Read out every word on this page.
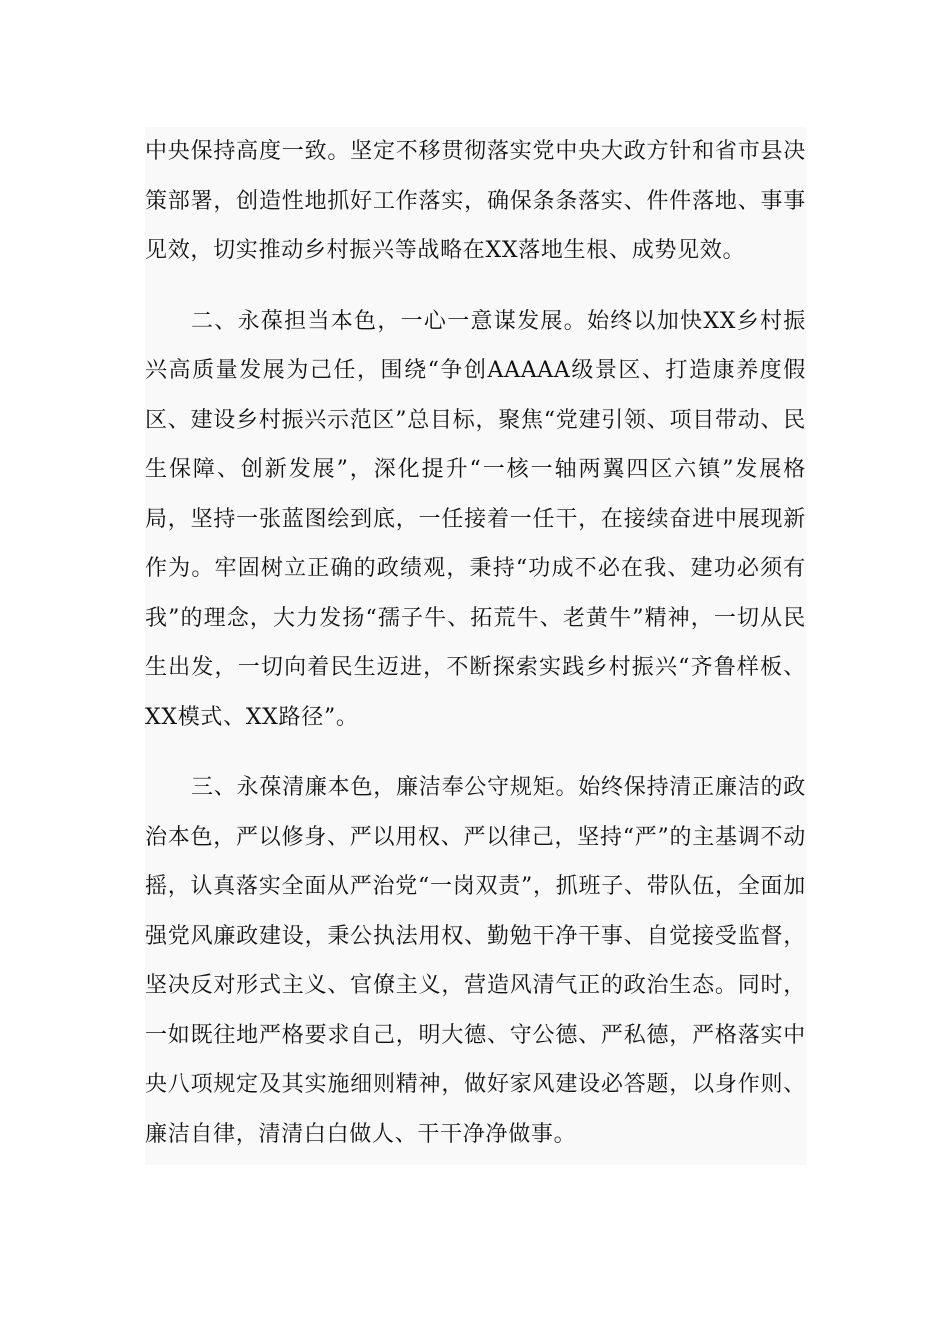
中央保持高度一致。坚定不移贯彻落实党中央大政方针和省市县决策部署，创造性地抓好工作落实，确保条条落实、件件落地、事事见效，切实推动乡村振兴等战略在XX落地生根、成势见效。

二、永葆担当本色，一心一意谋发展。始终以加快XX乡村振兴高质量发展为己任，围绕“争创AAAAA级景区、打造康养度假区、建设乡村振兴示范区”总目标，聚焦“党建引领、项目带动、民生保障、创新发展”，深化提升“一核一轴两翼四区六镇”发展格局，坚持一张蓝图绘到底，一任接着一任干，在接续奋进中展现新作为。牢固树立正确的政绩观，秉持“功成不必在我、建功必须有我”的理念，大力发扬“孺子牛、拓荒牛、老黄牛”精神，一切从民生出发，一切向着民生迈进，不断探索实践乡村振兴“齐鲁样板、XX模式、XX路径”。

三、永葆清廉本色，廉洁奉公守规矩。始终保持清正廉洁的政治本色，严以修身、严以用权、严以律己，坚持“严”的主基调不动摇，认真落实全面从严治党“一岗双责”，抓班子、带队伍，全面加强党风廉政建设，秉公执法用权、勤勉干净干事、自觉接受监督，坚决反对形式主义、官僚主义，营造风清气正的政治生态。同时，一如既往地严格要求自己，明大德、守公德、严私德，严格落实中央八项规定及其实施细则精神，做好家风建设必答题，以身作则、廉洁自律，清清白白做人、干干净净做事。
